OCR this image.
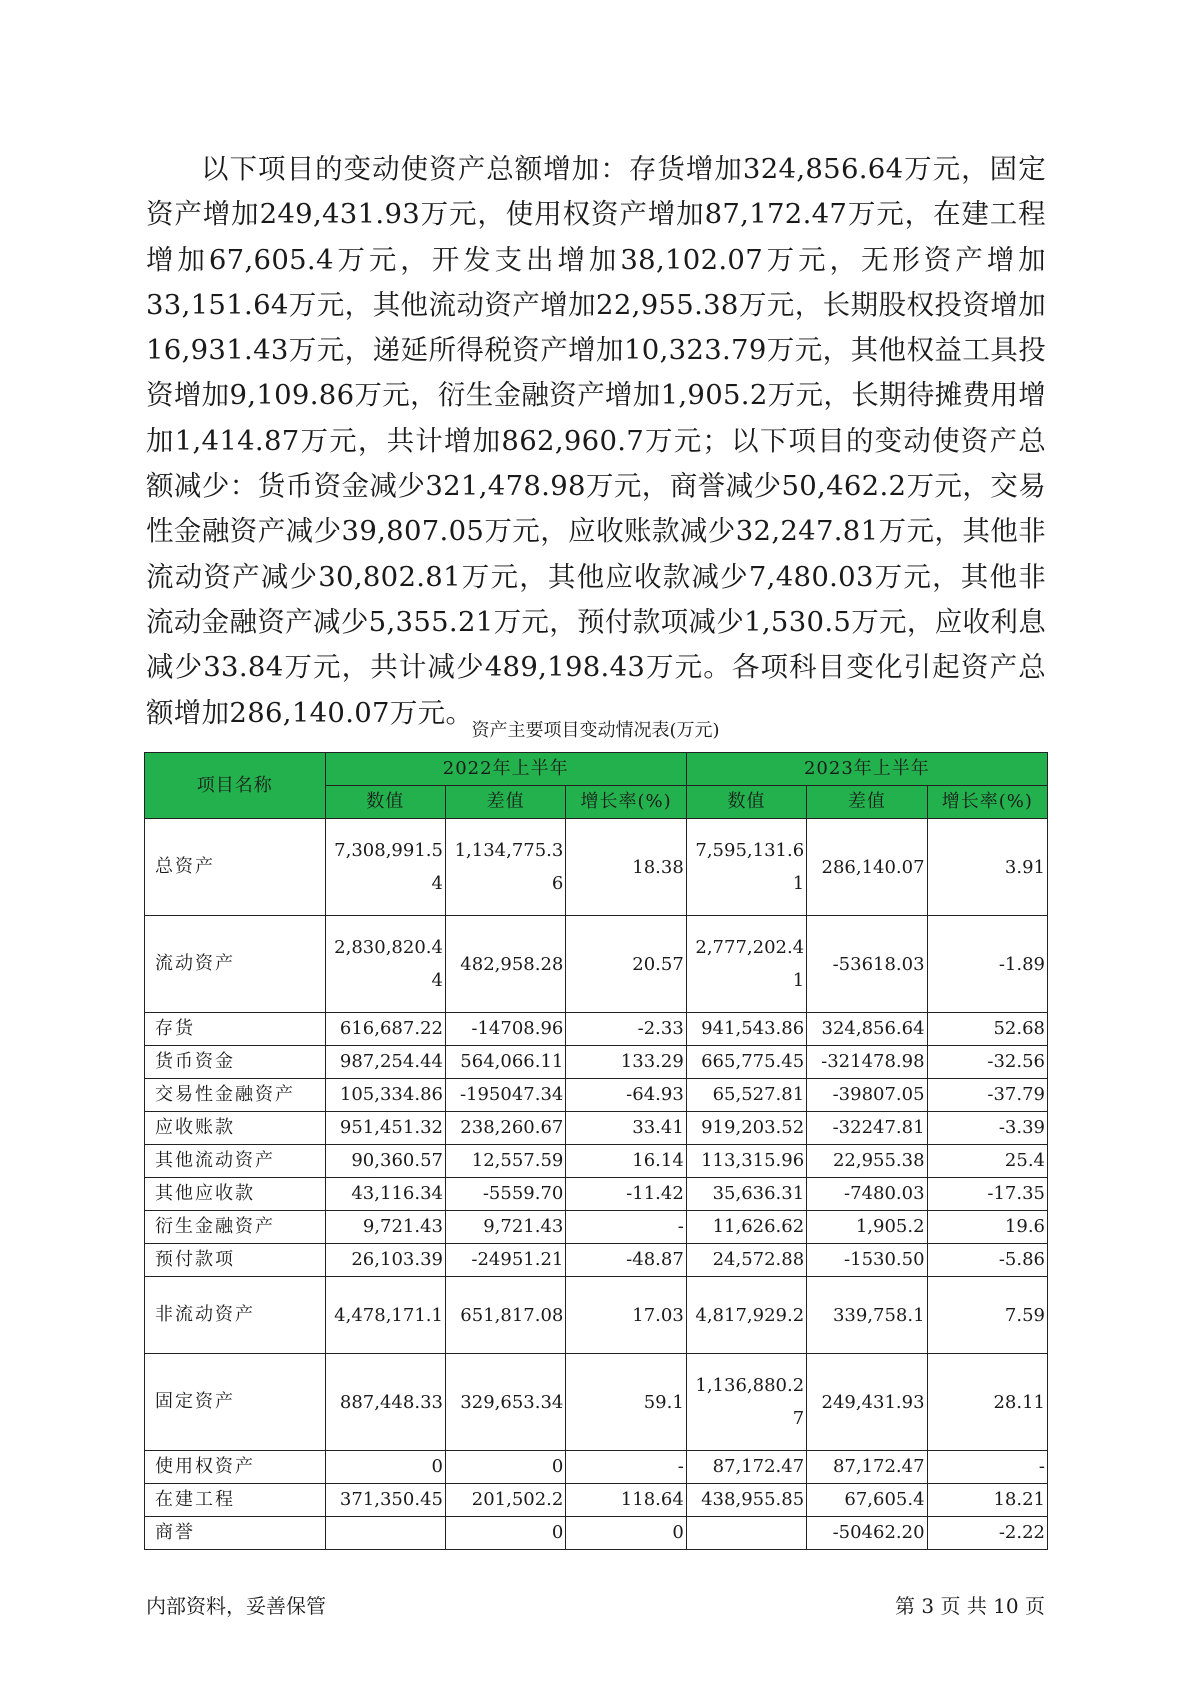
以下项目的变动使资产总额增加：存货增加324,856.64万元，固定资产增加249,431.93万元，使用权资产增加87,172.47万元，在建工程增加67,605.4万元，开发支出增加38,102.07万元，无形资产增加33,151.64万元，其他流动资产增加22,955.38万元，长期股权投资增加16,931.43万元，递延所得税资产增加10,323.79万元，其他权益工具投资增加9,109.86万元，衍生金融资产增加1,905.2万元，长期待摊费用增加1,414.87万元，共计增加862,960.7万元；以下项目的变动使资产总额减少：货币资金减少321,478.98万元，商誉减少50,462.2万元，交易性金融资产减少39,807.05万元，应收账款减少32,247.81万元，其他非流动资产减少30,802.81万元，其他应收款减少7,480.03万元，其他非流动金融资产减少5,355.21万元，预付款项减少1,530.5万元，应收利息减少33.84万元，共计减少489,198.43万元。各项科目变化引起资产总额增加286,140.07万元。

资产主要项目变动情况表(万元)

项目名称	2022年上半年			2023年上半年		
	数值	差值	增长率(%)	数值	差值	增长率(%)
总资产	7,308,991.54	1,134,775.36	18.38	7,595,131.61	286,140.07	3.91
流动资产	2,830,820.44	482,958.28	20.57	2,777,202.41	-53618.03	-1.89
存货	616,687.22	-14708.96	-2.33	941,543.86	324,856.64	52.68
货币资金	987,254.44	564,066.11	133.29	665,775.45	-321478.98	-32.56
交易性金融资产	105,334.86	-195047.34	-64.93	65,527.81	-39807.05	-37.79
应收账款	951,451.32	238,260.67	33.41	919,203.52	-32247.81	-3.39
其他流动资产	90,360.57	12,557.59	16.14	113,315.96	22,955.38	25.4
其他应收款	43,116.34	-5559.70	-11.42	35,636.31	-7480.03	-17.35
衍生金融资产	9,721.43	9,721.43	-	11,626.62	1,905.2	19.6
预付款项	26,103.39	-24951.21	-48.87	24,572.88	-1530.50	-5.86
非流动资产	4,478,171.1	651,817.08	17.03	4,817,929.2	339,758.1	7.59
固定资产	887,448.33	329,653.34	59.1	1,136,880.27	249,431.93	28.11
使用权资产	0	0	-	87,172.47	87,172.47	-
在建工程	371,350.45	201,502.2	118.64	438,955.85	67,605.4	18.21
商誉		0	0		-50462.20	-2.22

内部资料，妥善保管	第 3 页 共 10 页
